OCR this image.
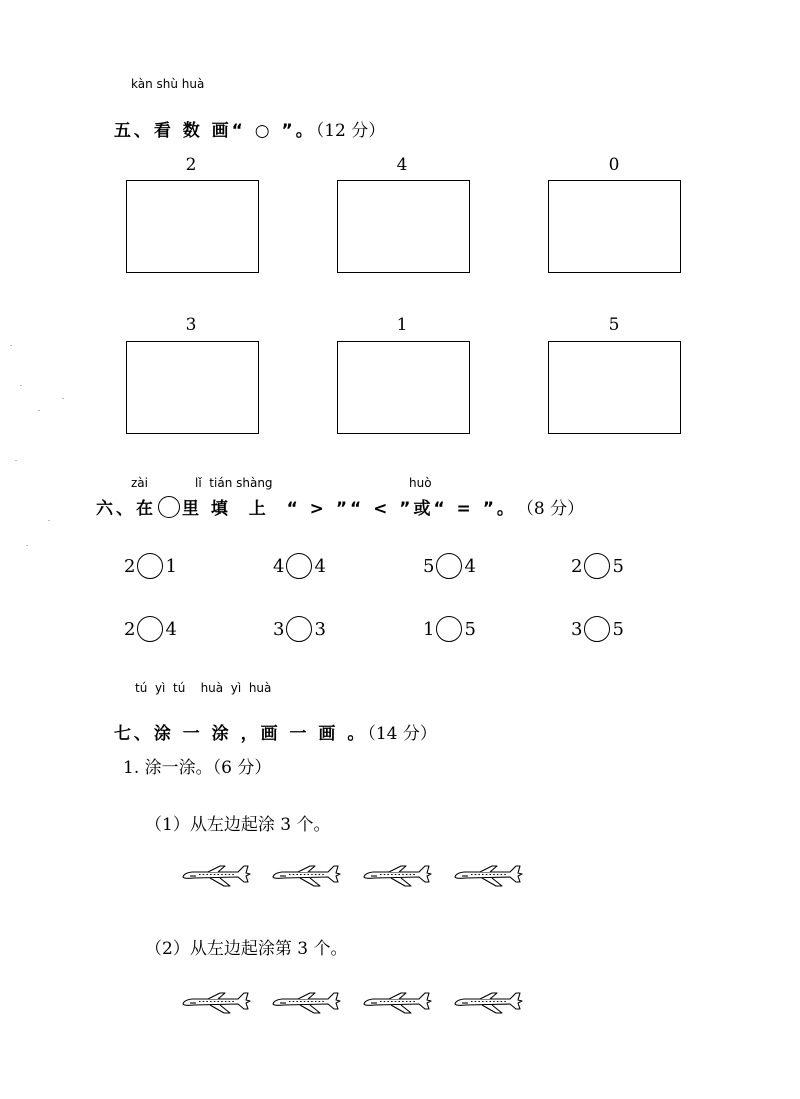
kàn shù huà

五、看 数 画“ ○ ”。（12 分）

2	4	0
3	1	5
zài	lǐ  tián shàng	huò
六、在 里 填  上  “ > ”“ < ”或“ = ”。 （8 分）
2 1	4 4	5 4	2 5
2 4	3 3	1 5	3 5
tú  yì  tú    huà  yì  huà

七、涂 一 涂 ，画 一 画 。（14 分）

1. 涂一涂。（6 分）
（1）从左边起涂 3 个。
（2）从左边起涂第 3 个。
